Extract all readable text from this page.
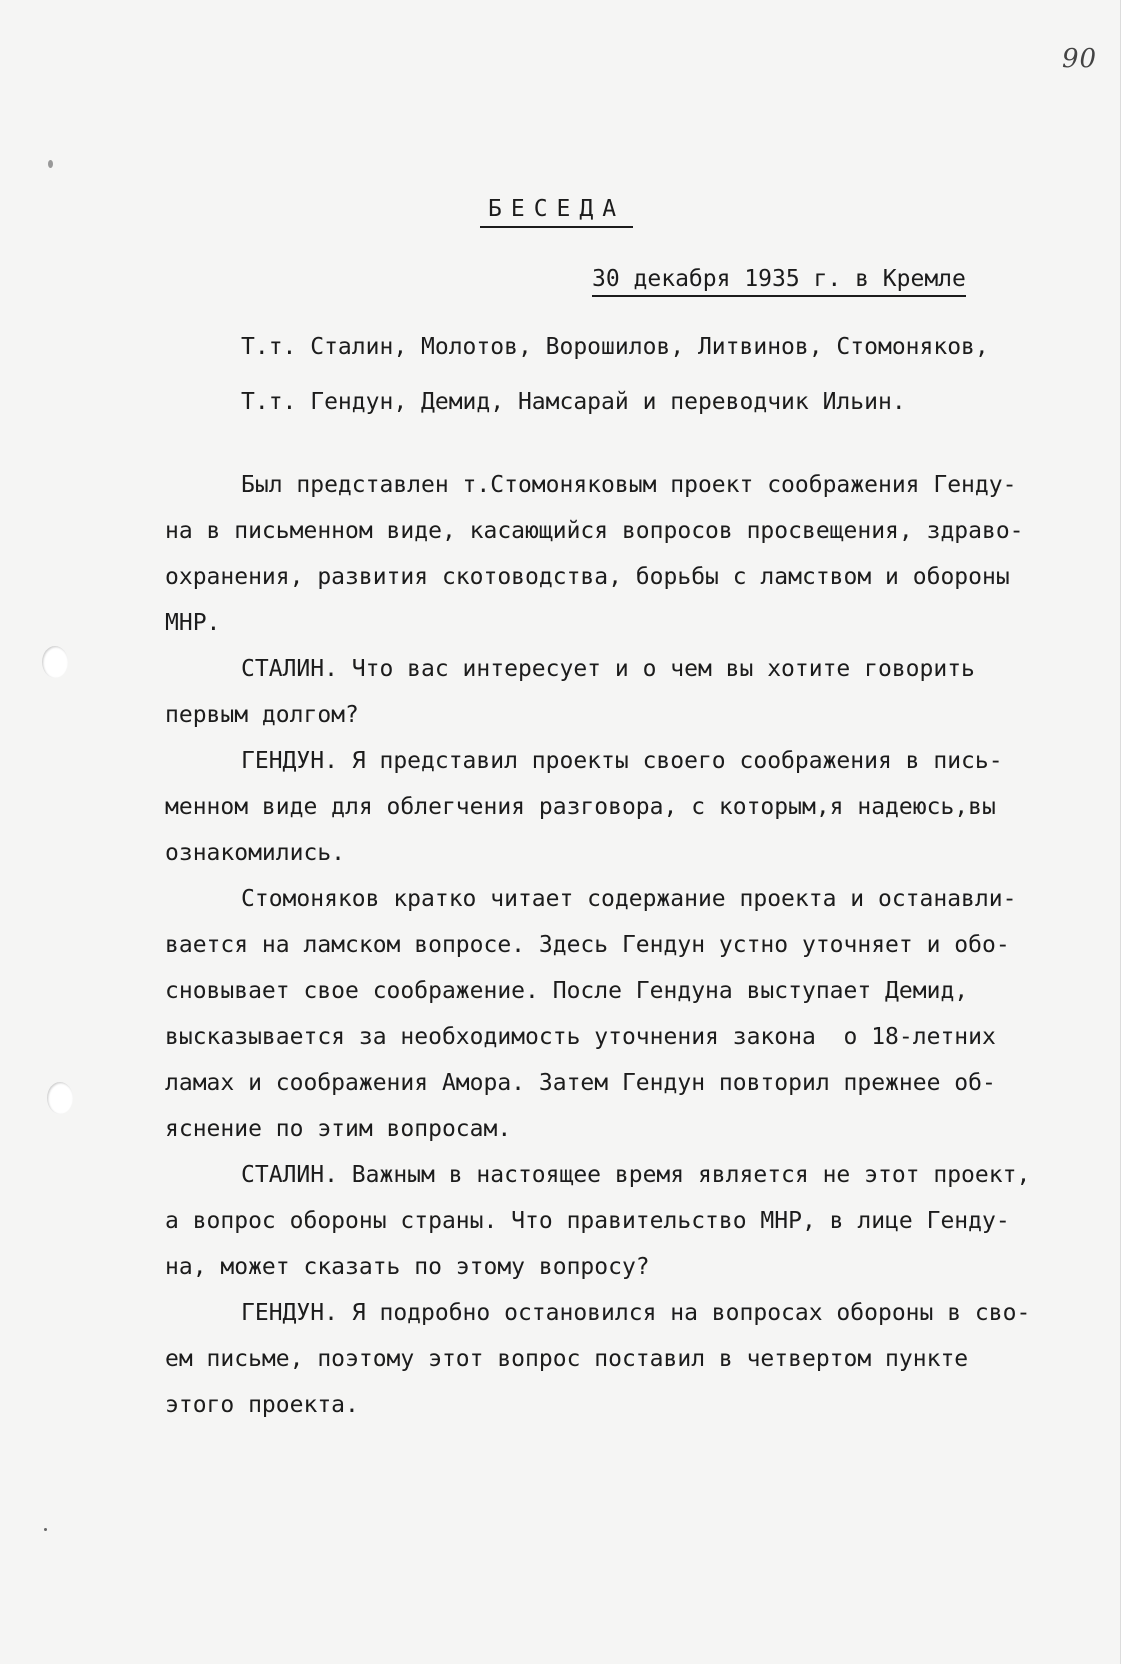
90
БЕСЕДА
30 декабря 1935 г. в Кремле
Т.т. Сталин, Молотов, Ворошилов, Литвинов, Стомоняков,
Т.т. Гендун, Демид, Намсарай и переводчик Ильин.
Был представлен т.Стомоняковым проект соображения Генду-
на в письменном виде, касающийся вопросов просвещения, здраво-
охранения, развития скотоводства, борьбы с ламством и обороны
МНР.
СТАЛИН. Что вас интересует и о чем вы хотите говорить
первым долгом?
ГЕНДУН. Я представил проекты своего соображения в пись-
менном виде для облегчения разговора, с которым,я надеюсь,вы
ознакомились.
Стомоняков кратко читает содержание проекта и останавли-
вается на ламском вопросе. Здесь Гендун устно уточняет и обо-
сновывает свое соображение. После Гендуна выступает Демид,
высказывается за необходимость уточнения закона  о 18-летних
ламах и соображения Амора. Затем Гендун повторил прежнее об-
яснение по этим вопросам.
СТАЛИН. Важным в настоящее время является не этот проект,
а вопрос обороны страны. Что правительство МНР, в лице Генду-
на, может сказать по этому вопросу?
ГЕНДУН. Я подробно остановился на вопросах обороны в сво-
ем письме, поэтому этот вопрос поставил в четвертом пункте
этого проекта.
